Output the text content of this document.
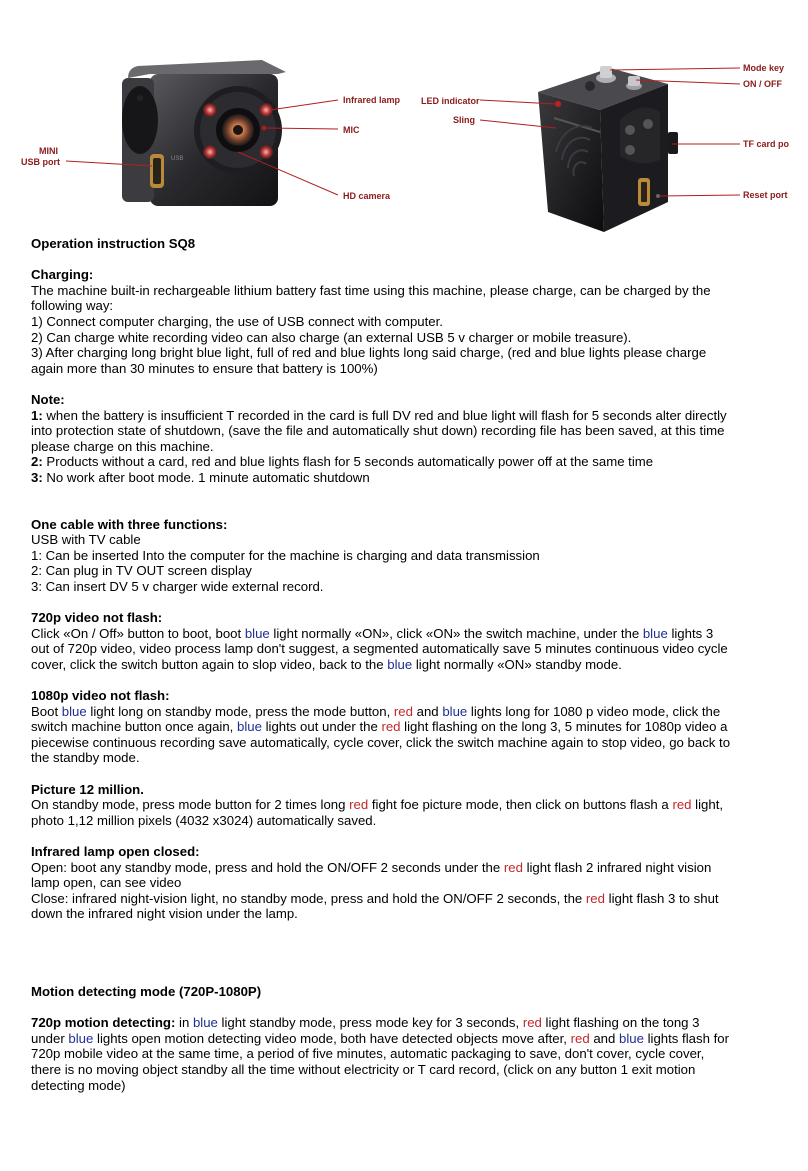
USB
MINI
USB port
Infrared lamp
MIC
HD camera
LED indicator
Sling
Mode key
ON / OFF
TF card po
Reset port

Operation instruction SQ8

Charging:

The machine built-in rechargeable lithium battery fast time using this machine, please charge, can be charged by the following way:

1) Connect computer charging, the use of USB connect with computer.

2) Can charge white recording video can also charge (an external USB 5 v charger or mobile treasure).

3) After charging long bright blue light, full of red and blue lights long said charge, (red and blue lights please charge again more than 30 minutes to ensure that battery is 100%)

Note:

1: when the battery is insufficient T recorded in the card is full DV red and blue light will flash for 5 seconds alter directly into protection state of shutdown, (save the file and automatically shut down) recording file has been saved, at this time please charge on this machine.

2: Products without a card, red and blue lights flash for 5 seconds automatically power off at the same time

3: No work after boot mode. 1 minute automatic shutdown

One cable with three functions:

USB with TV cable

1: Can be inserted Into the computer for the machine is charging and data transmission

2: Can plug in TV OUT screen display

3: Can insert DV 5 v charger wide external record.

720p video not flash:

Click «On / Off» button to boot, boot blue light normally «ON», click «ON» the switch machine, under the blue lights 3 out of 720p video, video process lamp don't suggest, a segmented automatically save 5 minutes continuous video cycle cover, click the switch button again to slop video, back to the blue light normally «ON» standby mode.

1080p video not flash:

Boot blue light long on standby mode, press the mode button, red and blue lights long for 1080 p video mode, click the switch machine button once again, blue lights out under the red light flashing on the long 3, 5 minutes for 1080p video a piecewise continuous recording save automatically, cycle cover, click the switch machine again to stop video, go back to the standby mode.

Picture 12 million.

On standby mode, press mode button for 2 times long red fight foe picture mode, then click on buttons flash a red light, photo 1,12 million pixels (4032 x3024) automatically saved.

Infrared lamp open closed:

Open: boot any standby mode, press and hold the ON/OFF 2 seconds under the red light flash 2 infrared night vision lamp open, can see video

Close: infrared night-vision light, no standby mode, press and hold the ON/OFF 2 seconds, the red light flash 3 to shut down the infrared night vision under the lamp.

Motion detecting mode (720P-1080P)

720p motion detecting: in blue light standby mode, press mode key for 3 seconds, red light flashing on the tong 3 under blue lights open motion detecting video mode, both have detected objects move after, red and blue lights flash for 720p mobile video at the same time, a period of five minutes, automatic packaging to save, don't cover, cycle cover, there is no moving object standby all the time without electricity or T card record, (click on any button 1 exit motion detecting mode)
